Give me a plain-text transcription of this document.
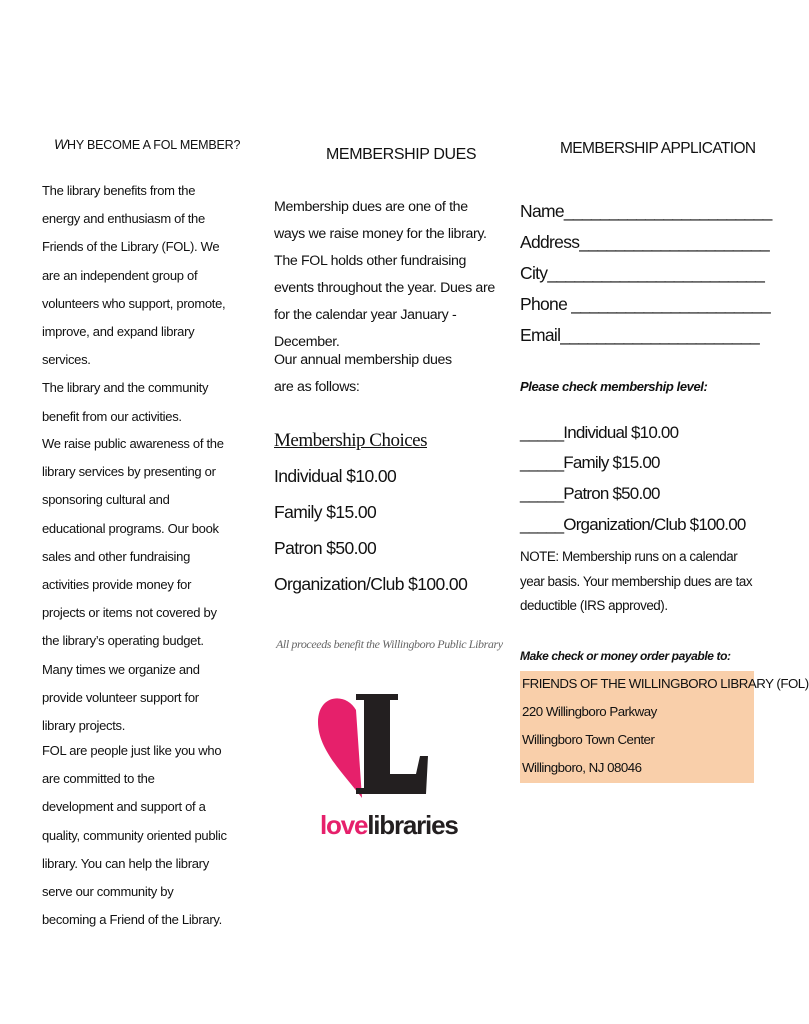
WHY BECOME A FOL MEMBER?

The library benefits from the energy and enthusiasm of the Friends of the Library (FOL). We are an independent group of volunteers who support, promote, improve, and expand library services.

The library and the community benefit from our activities.

We raise public awareness of the library services by presenting or sponsoring cultural and educational programs. Our book sales and other fundraising activities provide money for projects or items not covered by the library’s operating budget. Many times we organize and provide volunteer support for library projects.

FOL are people just like you who are committed to the development and support of a quality, community oriented public library. You can help the library serve our community by becoming a Friend of the Library.

MEMBERSHIP DUES

Membership dues are one of the ways we raise money for the library. The FOL holds other fundraising events throughout the year. Dues are for the calendar year January - December.

Our annual membership dues are as follows:

Membership Choices
Individual $10.00
Family $15.00
Patron $50.00
Organization/Club $100.00
All proceeds benefit the Willingboro Public Library
lovelibraries
MEMBERSHIP APPLICATION
Name_______________________
Address_____________________
City________________________
Phone ______________________
Email______________________
Please check membership level:
_____Individual $10.00
_____Family $15.00
_____Patron $50.00
_____Organization/Club $100.00
NOTE: Membership runs on a calendar year basis. Your membership dues are tax deductible (IRS approved).
Make check or money order payable to:
FRIENDS OF THE WILLINGBORO LIBRARY (FOL)
220 Willingboro Parkway
Willingboro Town Center
Willingboro, NJ 08046
